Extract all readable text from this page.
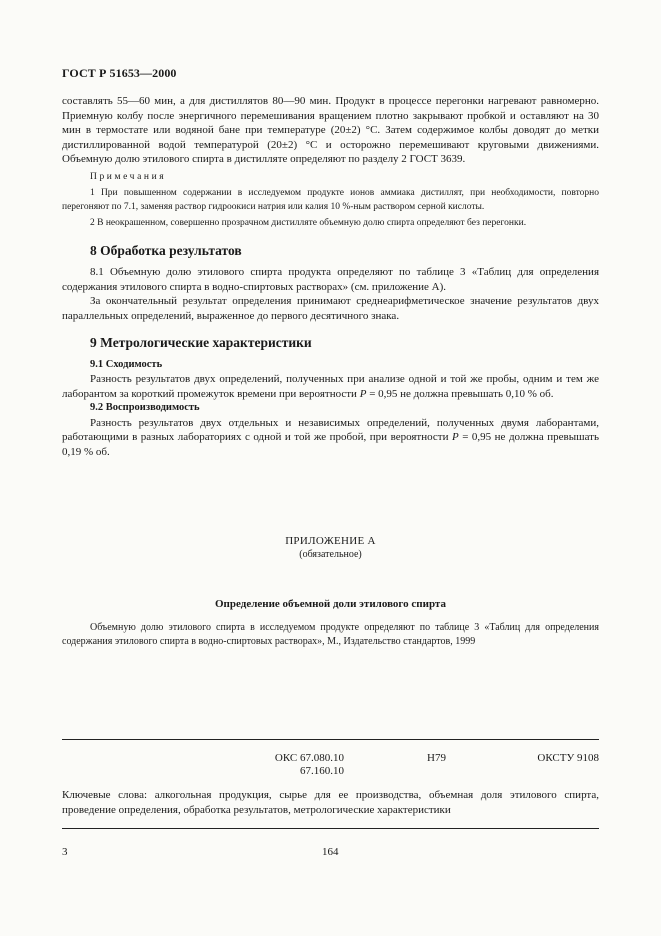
ГОСТ Р 51653—2000

составлять 55—60 мин, а для дистиллятов 80—90 мин. Продукт в процессе перегонки нагревают равномерно. Приемную колбу после энергичного перемешивания вращением плотно закрывают пробкой и оставляют на 30 мин в термостате или водяной бане при температуре (20±2) °С. Затем содержимое колбы доводят до метки дистиллированной водой температурой (20±2) °С и осторожно перемешивают круговыми движениями. Объемную долю этилового спирта в дистилляте определяют по разделу 2 ГОСТ 3639.

Примечания

1 При повышенном содержании в исследуемом продукте ионов аммиака дистиллят, при необходимости, повторно перегоняют по 7.1, заменяя раствор гидроокиси натрия или калия 10 %-ным раствором серной кислоты.

2 В неокрашенном, совершенно прозрачном дистилляте объемную долю спирта определяют без перегонки.

8 Обработка результатов

8.1 Объемную долю этилового спирта продукта определяют по таблице 3 «Таблиц для определения содержания этилового спирта в водно-спиртовых растворах» (см. приложение А).

За окончательный результат определения принимают среднеарифметическое значение результатов двух параллельных определений, выраженное до первого десятичного знака.

9 Метрологические характеристики

9.1 Сходимость

Разность результатов двух определений, полученных при анализе одной и той же пробы, одним и тем же лаборантом за короткий промежуток времени при вероятности Р = 0,95 не должна превышать 0,10 % об.

9.2 Воспроизводимость

Разность результатов двух отдельных и независимых определений, полученных двумя лаборантами, работающими в разных лабораториях с одной и той же пробой, при вероятности Р = 0,95 не должна превышать 0,19 % об.

ПРИЛОЖЕНИЕ А
(обязательное)
Определение объемной доли этилового спирта

Объемную долю этилового спирта в исследуемом продукте определяют по таблице 3 «Таблиц для определения содержания этилового спирта в водно-спиртовых растворах», М., Издательство стандартов, 1999

ОКС 67.080.10
67.160.10
Н79	ОКСТУ 9108
Ключевые слова: алкогольная продукция, сырье для ее производства, объемная доля этилового спирта, проведение определения, обработка результатов, метрологические характеристики
3	164
